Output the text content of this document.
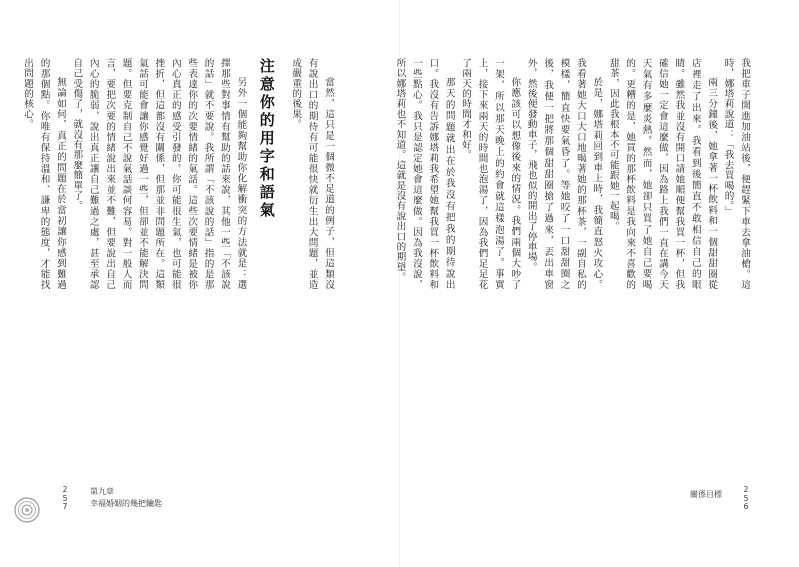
我把車子開進加油站後，便趕緊下車去拿油槍。這時，娜塔莉說道：「我去買喝的。」

兩三分鐘後，她拿著一杯飲料和一個甜甜圈從店裡走了出來。我看到後簡直不敢相信自己的眼睛。雖然我並沒有開口請她順便幫我買一杯，但我確信她一定會這麼做，因為路上我們一直在講今天天氣有多麼炎熱。然而，她卻只買了她自己要喝的。更糟的是，她買的那杯飲料是我向來不喜歡的甜茶，因此我根本不可能跟她一起喝。

於是，娜塔莉回到車上時，我簡直怒火攻心。我看著她大口大口地喝著她的那杯茶，一副自私的模樣，簡直快要氣昏了。等她咬了一口甜甜圈之後，我便一把將那個甜甜圈搶了過來，丟出車窗外，然後便發動車子，飛也似的開出了停車場。

你應該可以想像後來的情況。我們兩個大吵了一架，所以那天晚上的約會就這樣泡湯了。事實上，接下來兩天的時間也泡湯了，因為我們足足花了兩天的時間才和好。

那天的問題就出在於我沒有把我的期待說出口。我沒有告訴娜塔莉我希望她幫我買一杯飲料和一些點心。我只是認定她會這麼做。因為我沒說，所以娜塔莉也不知道。這就是沒有說出口的期望。

當然，這只是一個微不足道的例子，但這類沒有說出口的期待有可能很快就衍生出大問題，並造成嚴重的後果。

注意你的用字和語氣

另外一個能夠幫助你化解衝突的方法就是：選擇那些對事情有幫助的話來說，其他一些「不該說的話」就不要說。我所謂「不該說的話」指的是那些表達你的次要情緒的氣話。這些次要情緒是被你內心真正的感受引發的。你可能很生氣，也可能很挫折，但這都沒有關係，但那並非問題所在。這類氣話可能會讓你感覺好過一些，但卻並不能解決問題。但要克制自己不說氣話談何容易。對一般人而言，要把次要的情緒說出來並不難，但要說出自己內心的脆弱，說出真正讓自己難過之處，甚至承認自己受傷了，就沒有那麼簡單了。

無論如何，真正的問題在於當初讓你感到難過的那個點。你唯有保持溫和、謙卑的態度，才能找出問題的核心。

2
5
7
第九章
幸福婚姻的幾把鑰匙
關係目標
2
5
6
